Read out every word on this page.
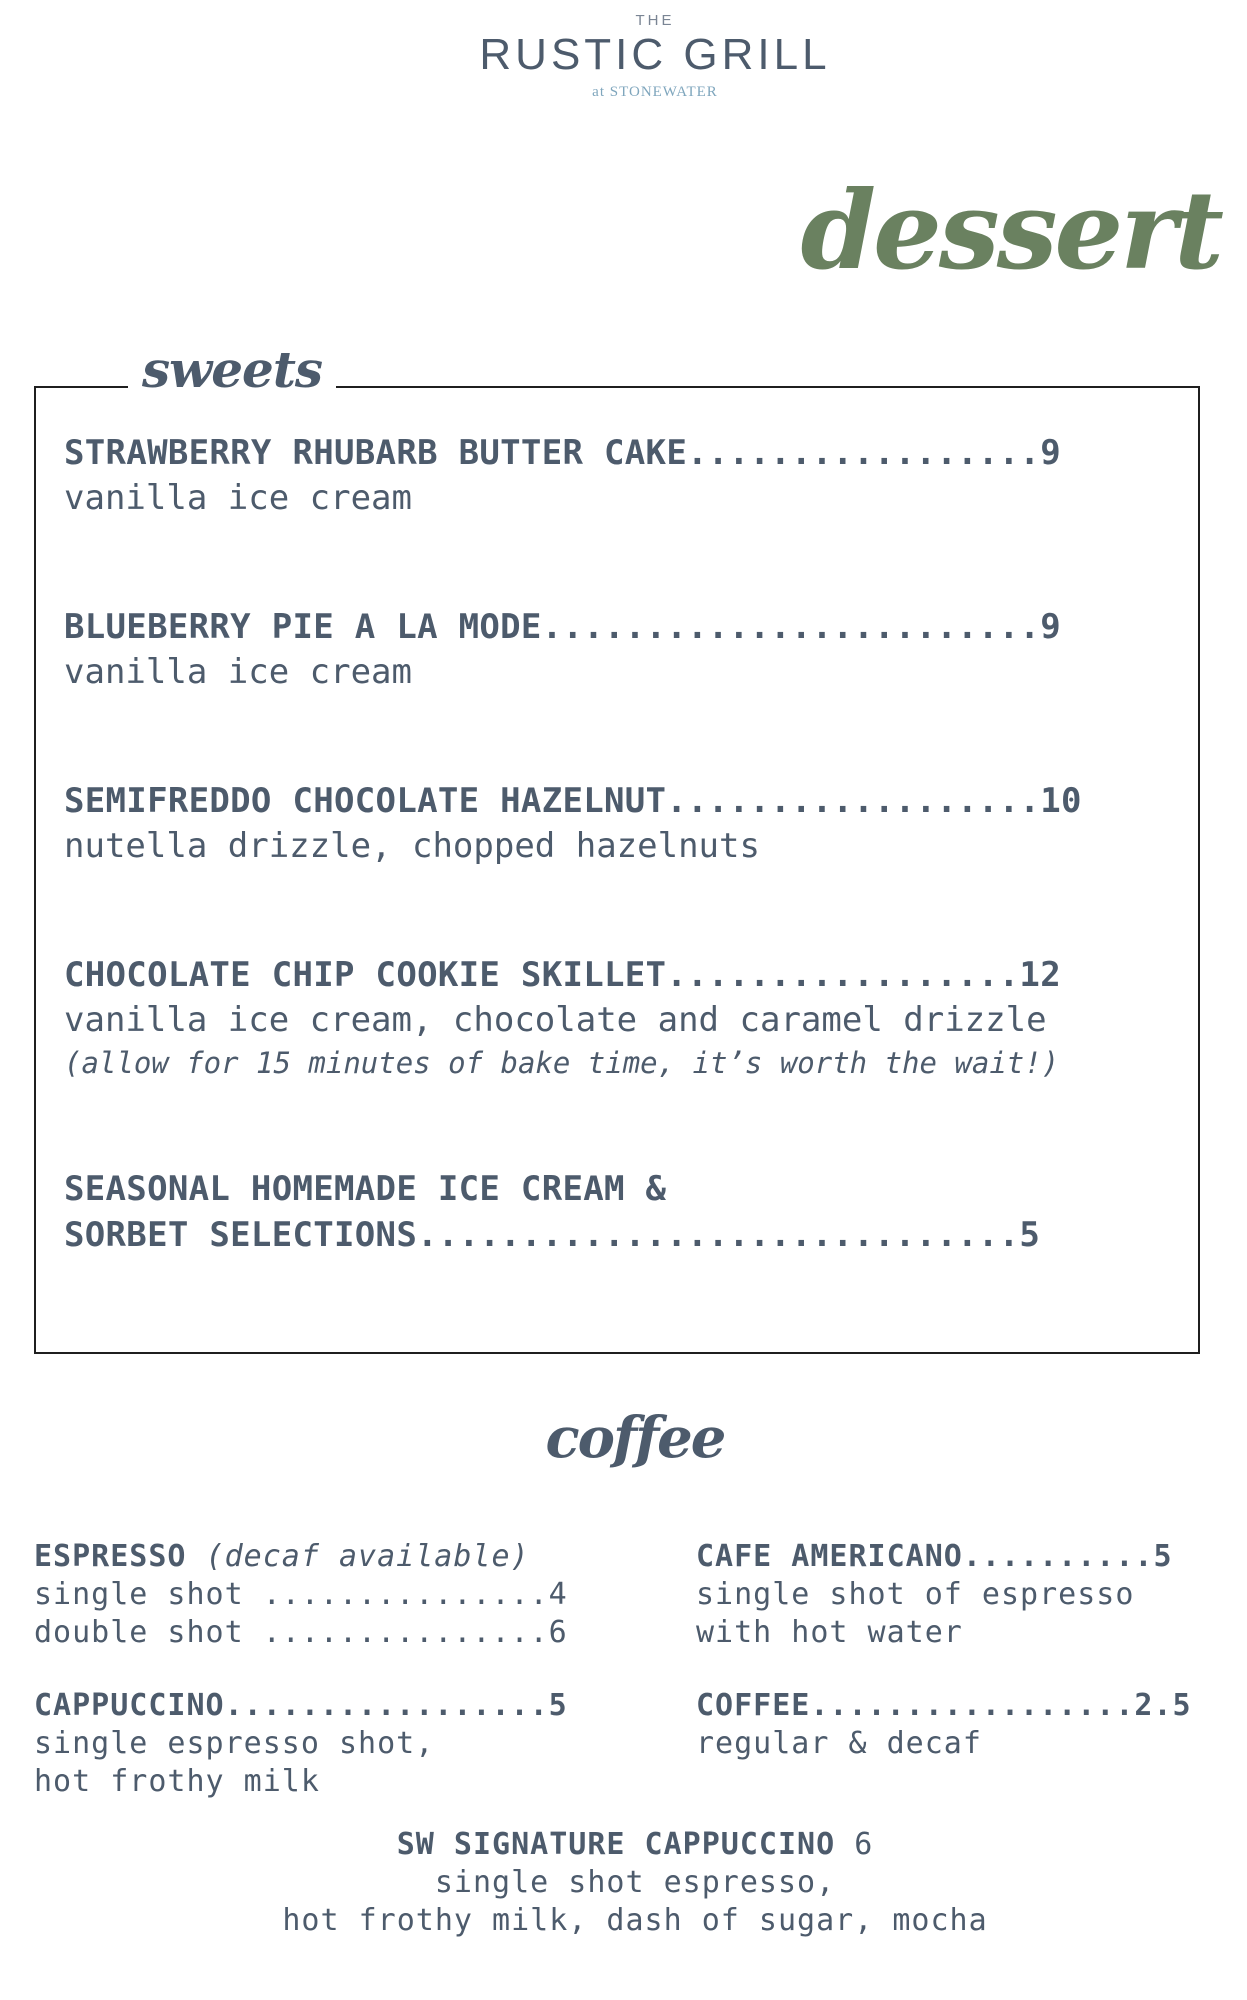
THE
RUSTIC GRILL
at STONEWATER
dessert
sweets
STRAWBERRY RHUBARB BUTTER CAKE.................9
vanilla ice cream
BLUEBERRY PIE A LA MODE........................9
vanilla ice cream
SEMIFREDDO CHOCOLATE HAZELNUT..................10
nutella drizzle, chopped hazelnuts
CHOCOLATE CHIP COOKIE SKILLET.................12
vanilla ice cream, chocolate and caramel drizzle
(allow for 15 minutes of bake time, it’s worth the wait!)
SEASONAL HOMEMADE ICE CREAM &
SORBET SELECTIONS.............................5
coffee
ESPRESSO (decaf available)
single shot ...............4
double shot ...............6
CAFE AMERICANO..........5
single shot of espresso
with hot water
CAPPUCCINO.................5
single espresso shot,
hot frothy milk
COFFEE.................2.5
regular & decaf
SW SIGNATURE CAPPUCCINO 6
single shot espresso,
hot frothy milk, dash of sugar, mocha
